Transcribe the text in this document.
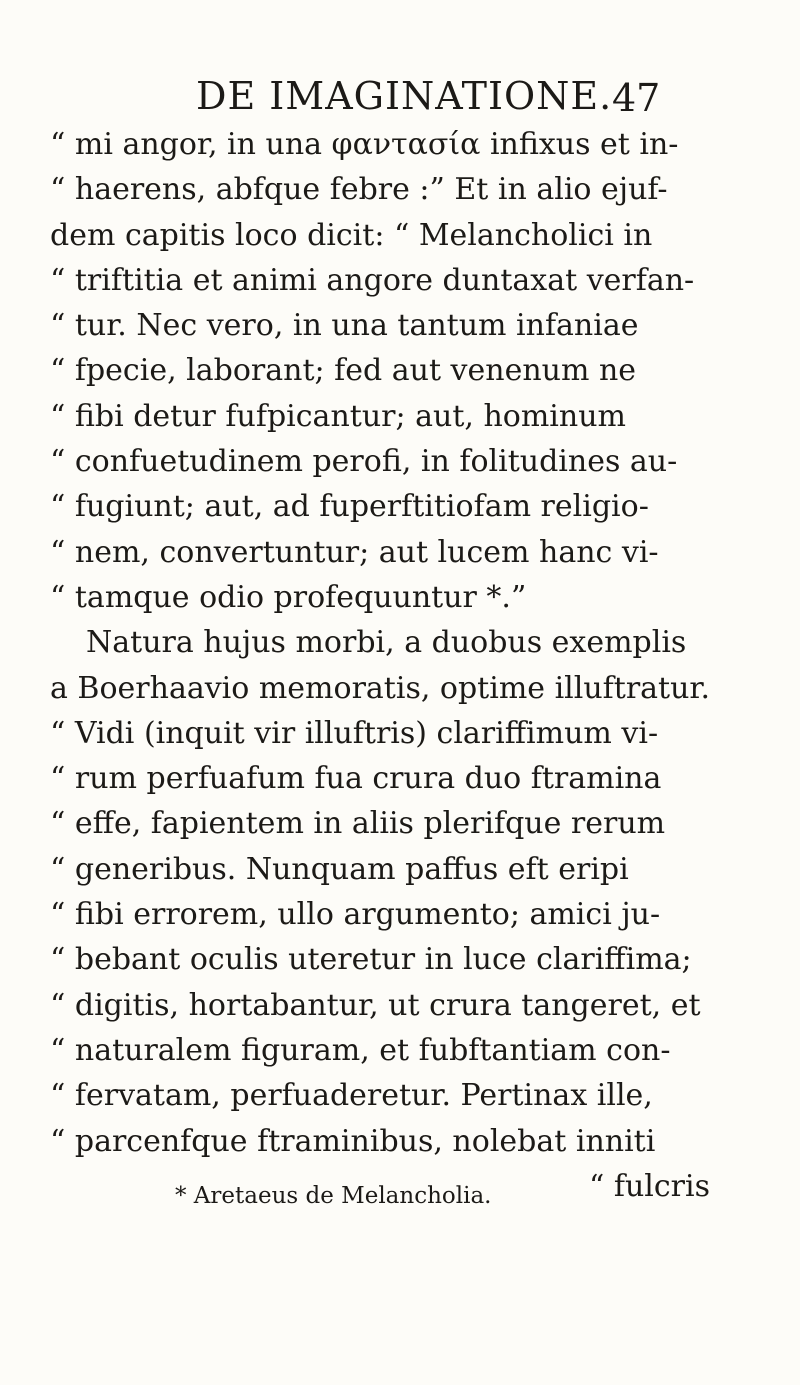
DE IMAGINATIONE. 47
“ mi angor, in una φαντασία infixus et in-
“ haerens, abfque febre :” Et in alio ejuf-
dem capitis loco dicit: “ Melancholici in
“ triftitia et animi angore duntaxat verfan-
“ tur. Nec vero, in una tantum infaniae
“ fpecie, laborant; fed aut venenum ne
“ fibi detur fufpicantur; aut, hominum
“ confuetudinem perofi, in folitudines au-
“ fugiunt; aut, ad fuperftitiofam religio-
“ nem, convertuntur; aut lucem hanc vi-
“ tamque odio profequuntur *.”
Natura hujus morbi, a duobus exemplis
a Boerhaavio memoratis, optime illuftratur.
“ Vidi (inquit vir illuftris) clariffimum vi-
“ rum perfuafum fua crura duo ftramina
“ effe, fapientem in aliis plerifque rerum
“ generibus. Nunquam paffus eft eripi
“ fibi errorem, ullo argumento; amici ju-
“ bebant oculis uteretur in luce clariffima;
“ digitis, hortabantur, ut crura tangeret, et
“ naturalem figuram, et fubftantiam con-
“ fervatam, perfuaderetur. Pertinax ille,
“ parcenfque ftraminibus, nolebat inniti
“ fulcris
* Aretaeus de Melancholia.
